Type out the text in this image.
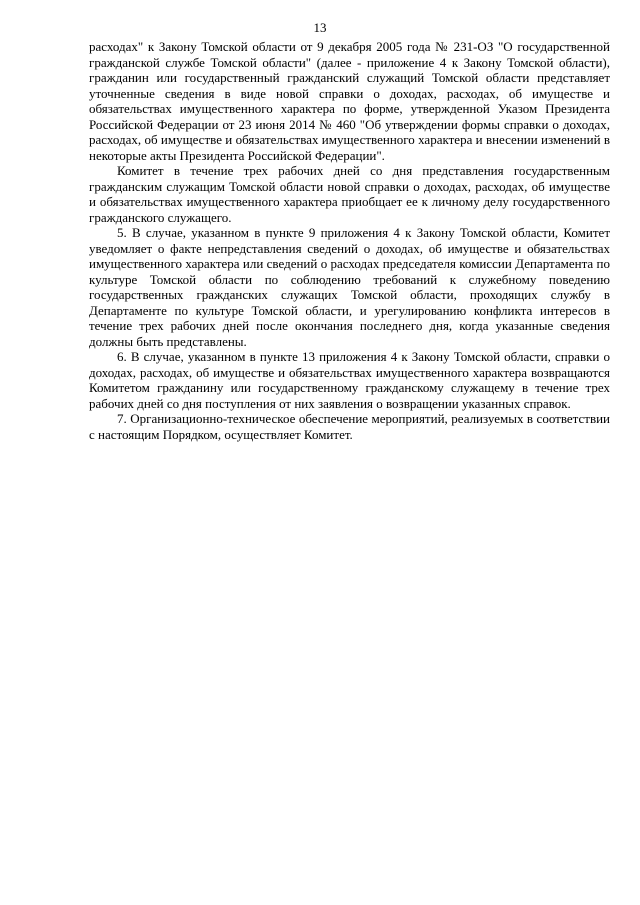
13

расходах" к Закону Томской области от 9 декабря 2005 года № 231-ОЗ "О государственной гражданской службе Томской области" (далее - приложение 4 к Закону Томской области), гражданин или государственный гражданский служащий Томской области представляет уточненные сведения в виде новой справки о доходах, расходах, об имуществе и обязательствах имущественного характера по форме, утвержденной Указом Президента Российской Федерации от 23 июня 2014 № 460 "Об утверждении формы справки о доходах, расходах, об имуществе и обязательствах имущественного характера и внесении изменений в некоторые акты Президента Российской Федерации".

Комитет в течение трех рабочих дней со дня представления государственным гражданским служащим Томской области новой справки о доходах, расходах, об имуществе и обязательствах имущественного характера приобщает ее к личному делу государственного гражданского служащего.

5. В случае, указанном в пункте 9 приложения 4 к Закону Томской области, Комитет уведомляет о факте непредставления сведений о доходах, об имуществе и обязательствах имущественного характера или сведений о расходах председателя комиссии Департамента по культуре Томской области по соблюдению требований к служебному поведению государственных гражданских служащих Томской области, проходящих службу в Департаменте по культуре Томской области, и урегулированию конфликта интересов в течение трех рабочих дней после окончания последнего дня, когда указанные сведения должны быть представлены.

6. В случае, указанном в пункте 13 приложения 4 к Закону Томской области, справки о доходах, расходах, об имуществе и обязательствах имущественного характера возвращаются Комитетом гражданину или государственному гражданскому служащему в течение трех рабочих дней со дня поступления от них заявления о возвращении указанных справок.

7. Организационно-техническое обеспечение мероприятий, реализуемых в соответствии с настоящим Порядком, осуществляет Комитет.
